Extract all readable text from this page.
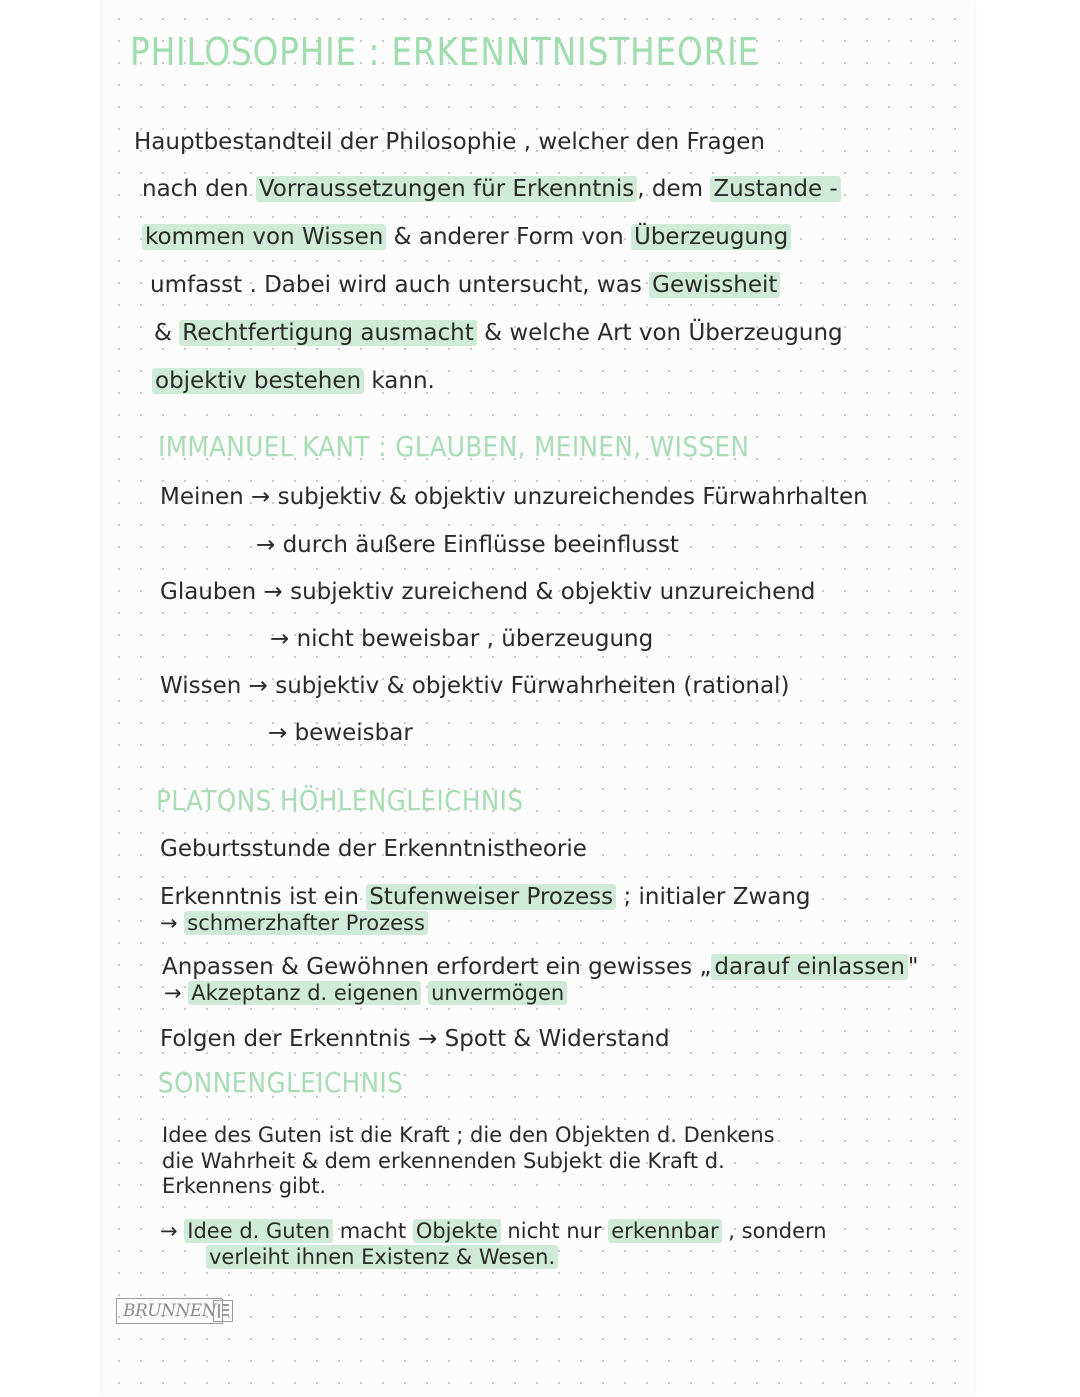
PHILOSOPHIE : ERKENNTNISTHEORIE
Hauptbestandteil der Philosophie , welcher den Fragen
nach den Vorraussetzungen für Erkenntnis , dem Zustande -
kommen von Wissen & anderer Form von Überzeugung
umfasst . Dabei wird auch untersucht, was Gewissheit
& Rechtfertigung ausmacht & welche Art von Überzeugung
objektiv bestehen kann.
IMMANUEL KANT : GLAUBEN, MEINEN, WISSEN
Meinen → subjektiv & objektiv unzureichendes Fürwahrhalten
→ durch äußere Einflüsse beeinflusst
Glauben → subjektiv zureichend & objektiv unzureichend
→ nicht beweisbar , überzeugung
Wissen → subjektiv & objektiv Fürwahrheiten (rational)
→ beweisbar
PLATONS HÖHLENGLEICHNIS
Geburtsstunde der Erkenntnistheorie
Erkenntnis ist ein Stufenweiser Prozess ; initialer Zwang
→ schmerzhafter Prozess
Anpassen & Gewöhnen erfordert ein gewisses „ darauf einlassen "
→ Akzeptanz d. eigenen unvermögen
Folgen der Erkenntnis → Spott & Widerstand
SONNENGLEICHNIS
Idee des Guten ist die Kraft ; die den Objekten d. Denkens
die Wahrheit & dem erkennenden Subjekt die Kraft d.
Erkennens gibt.
→ Idee d. Guten macht Objekte nicht nur erkennbar , sondern
verleiht ihnen Existenz & Wesen.
BRUNNEN
